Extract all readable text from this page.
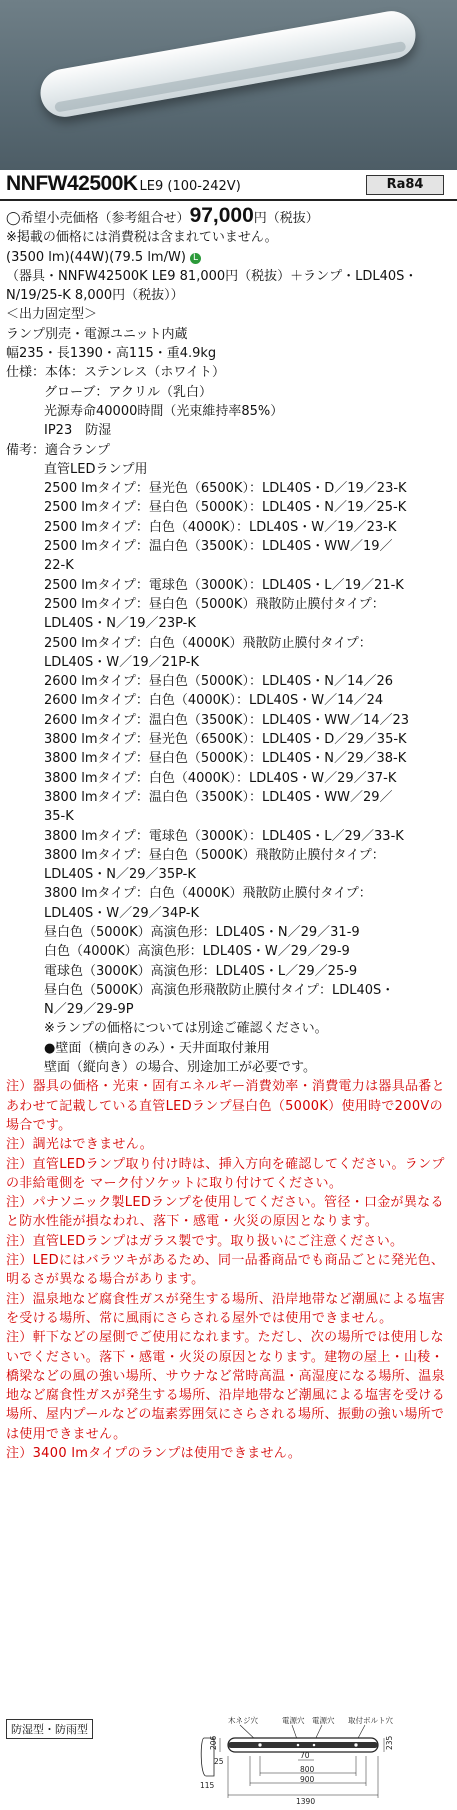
NNFW42500K LE9 (100-242V)	Ra84
◯希望小売価格（参考組合せ）97,000円（税抜）
※掲載の価格には消費税は含まれていません。
(3500 lm)(44W)(79.5 lm/W) L
（器具・NNFW42500K LE9 81,000円（税抜）＋ランプ・LDL40S・
N/19/25-K 8,000円（税抜））
＜出力固定型＞
ランプ別売・電源ユニット内蔵
幅235・長1390・高115・重4.9kg
仕様：本体：ステンレス（ホワイト）
グローブ：アクリル（乳白）
光源寿命40000時間（光束維持率85%）
IP23　防湿
備考：適合ランプ
直管LEDランプ用
2500 lmタイプ：昼光色（6500K）：LDL40S・D／19／23-K
2500 lmタイプ：昼白色（5000K）：LDL40S・N／19／25-K
2500 lmタイプ：白色（4000K）：LDL40S・W／19／23-K
2500 lmタイプ：温白色（3500K）：LDL40S・WW／19／
22-K
2500 lmタイプ：電球色（3000K）：LDL40S・L／19／21-K
2500 lmタイプ：昼白色（5000K）飛散防止膜付タイプ：
LDL40S・N／19／23P-K
2500 lmタイプ：白色（4000K）飛散防止膜付タイプ：
LDL40S・W／19／21P-K
2600 lmタイプ：昼白色（5000K）：LDL40S・N／14／26
2600 lmタイプ：白色（4000K）：LDL40S・W／14／24
2600 lmタイプ：温白色（3500K）：LDL40S・WW／14／23
3800 lmタイプ：昼光色（6500K）：LDL40S・D／29／35-K
3800 lmタイプ：昼白色（5000K）：LDL40S・N／29／38-K
3800 lmタイプ：白色（4000K）：LDL40S・W／29／37-K
3800 lmタイプ：温白色（3500K）：LDL40S・WW／29／
35-K
3800 lmタイプ：電球色（3000K）：LDL40S・L／29／33-K
3800 lmタイプ：昼白色（5000K）飛散防止膜付タイプ：
LDL40S・N／29／35P-K
3800 lmタイプ：白色（4000K）飛散防止膜付タイプ：
LDL40S・W／29／34P-K
昼白色（5000K）高演色形：LDL40S・N／29／31-9
白色（4000K）高演色形：LDL40S・W／29／29-9
電球色（3000K）高演色形：LDL40S・L／29／25-9
昼白色（5000K）高演色形飛散防止膜付タイプ：LDL40S・
N／29／29-9P
※ランプの価格については別途ご確認ください。
●壁面（横向きのみ）・天井面取付兼用
壁面（縦向き）の場合、別途加工が必要です。
注）器具の価格・光束・固有エネルギー消費効率・消費電力は器具品番とあわせて記載している直管LEDランプ昼白色（5000K）使用時で200Vの場合です。
注）調光はできません。
注）直管LEDランプ取り付け時は、挿入方向を確認してください。ランプの非給電側を マーク付ソケットに取り付けてください。
注）パナソニック製LEDランプを使用してください。管径・口金が異なると防水性能が損なわれ、落下・感電・火災の原因となります。
注）直管LEDランプはガラス製です。取り扱いにご注意ください。
注）LEDにはバラツキがあるため、同一品番商品でも商品ごとに発光色、明るさが異なる場合があります。
注）温泉地など腐食性ガスが発生する場所、沿岸地帯など潮風による塩害を受ける場所、常に風雨にさらされる屋外では使用できません。
注）軒下などの屋側でご使用になれます。ただし、次の場所では使用しないでください。落下・感電・火災の原因となります。建物の屋上・山稜・橋梁などの風の強い場所、サウナなど常時高温・高湿度になる場所、温泉地など腐食性ガスが発生する場所、沿岸地帯など潮風による塩害を受ける場所、屋内プールなどの塩素雰囲気にさらされる場所、振動の強い場所では使用できません。
注）3400 lmタイプのランプは使用できません。
防湿型・防雨型
木ネジ穴	電源穴 電源穴 取付ボルト穴
206	235
25
70
115
800
900
1390
